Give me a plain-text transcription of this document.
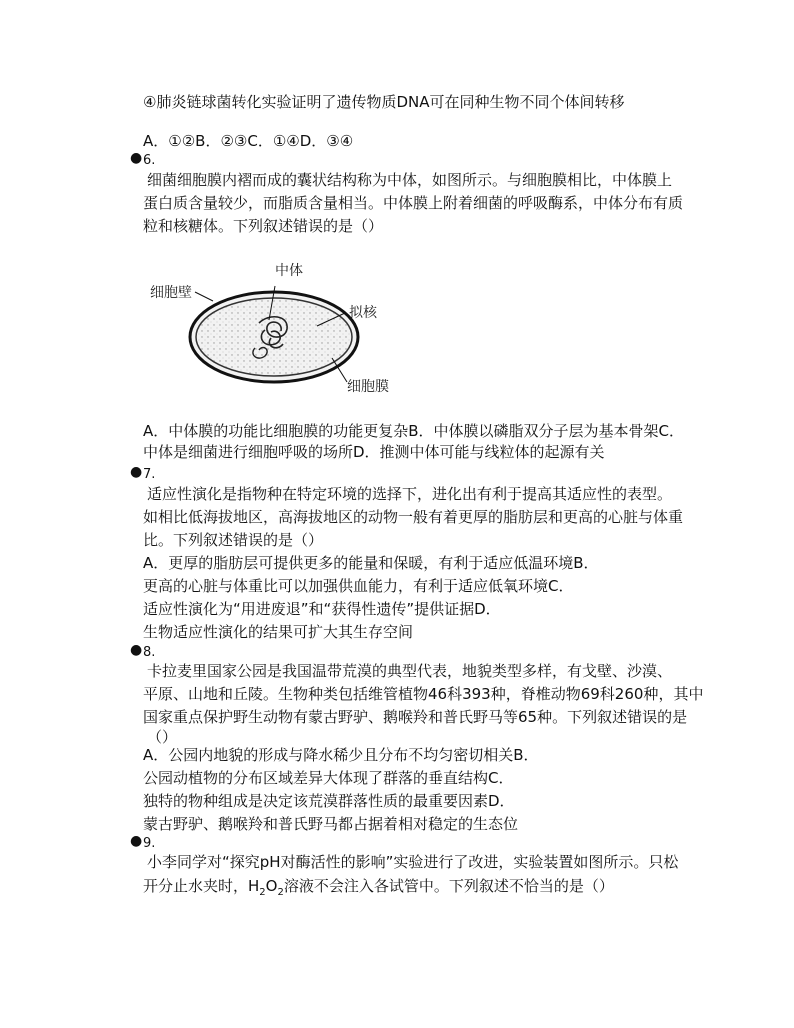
④肺炎链球菌转化实验证明了遗传物质DNA可在同种生物不同个体间转移
A．①②B．②③C．①④D．③④
● 6.
细菌细胞膜内褶而成的囊状结构称为中体，如图所示。与细胞膜相比，中体膜上
蛋白质含量较少，而脂质含量相当。中体膜上附着细菌的呼吸酶系，中体分布有质
粒和核糖体。下列叙述错误的是（）
中体
细胞壁
拟核
细胞膜
A．中体膜的功能比细胞膜的功能更复杂B．中体膜以磷脂双分子层为基本骨架C．
中体是细菌进行细胞呼吸的场所D．推测中体可能与线粒体的起源有关
● 7.
适应性演化是指物种在特定环境的选择下，进化出有利于提高其适应性的表型。
如相比低海拔地区，高海拔地区的动物一般有着更厚的脂肪层和更高的心脏与体重
比。下列叙述错误的是（）
A．更厚的脂肪层可提供更多的能量和保暖，有利于适应低温环境B．
更高的心脏与体重比可以加强供血能力，有利于适应低氧环境C．
适应性演化为“用进废退”和“获得性遗传”提供证据D．
生物适应性演化的结果可扩大其生存空间
● 8.
卡拉麦里国家公园是我国温带荒漠的典型代表，地貌类型多样，有戈壁、沙漠、
平原、山地和丘陵。生物种类包括维管植物46科393种，脊椎动物69科260种，其中
国家重点保护野生动物有蒙古野驴、鹅喉羚和普氏野马等65种。下列叙述错误的是
（）
A．公园内地貌的形成与降水稀少且分布不均匀密切相关B．
公园动植物的分布区域差异大体现了群落的垂直结构C．
独特的物种组成是决定该荒漠群落性质的最重要因素D．
蒙古野驴、鹅喉羚和普氏野马都占据着相对稳定的生态位
● 9.
小李同学对“探究pH对酶活性的影响”实验进行了改进，实验装置如图所示。只松
开分止水夹时，$H_2O_2$溶液不会注入各试管中。下列叙述不恰当的是（）
